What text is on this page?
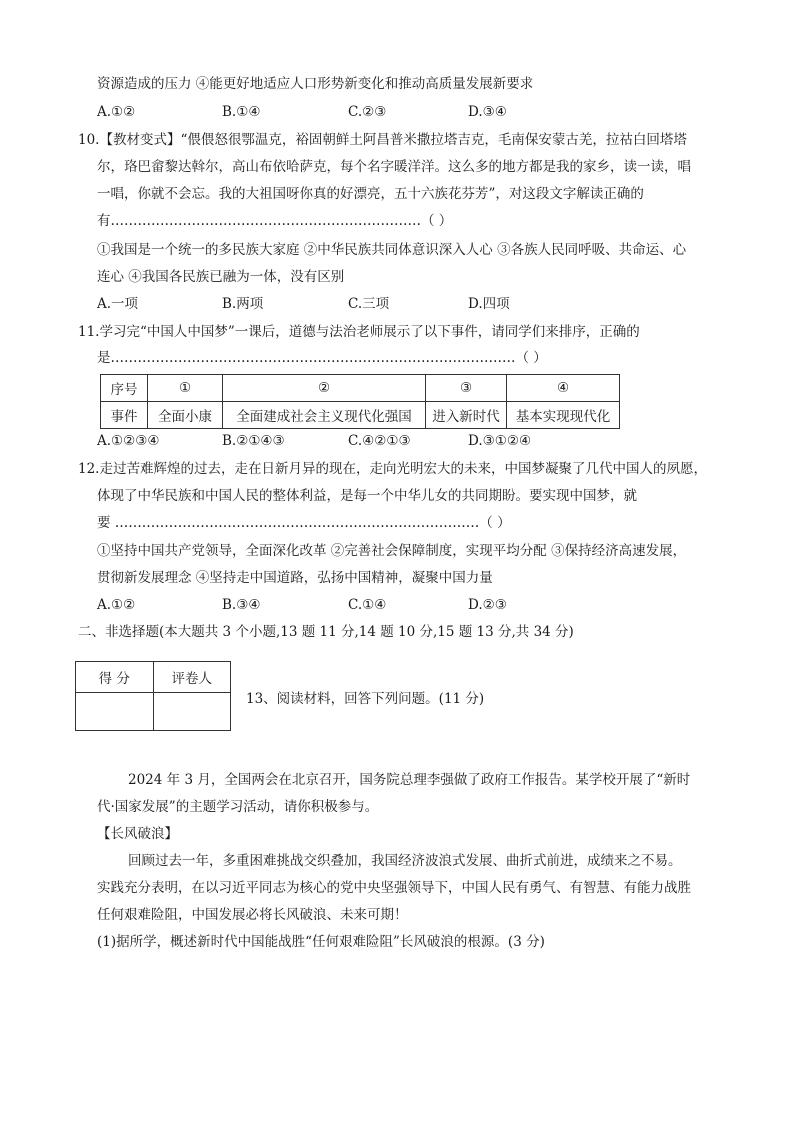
资源造成的压力 ④能更好地适应人口形势新变化和推动高质量发展新要求
A.①②	B.①④	C.②③	D.③④
10.【教材变式】“偎偎怒很鄂温克，裕固朝鲜土阿昌普米撒拉塔吉克，毛南保安蒙古羌，拉祜白回塔塔
尔，珞巴畲黎达斡尔，高山布依哈萨克，每个名字暖洋洋。这么多的地方都是我的家乡，读一读，唱
一唱，你就不会忘。我的大祖国呀你真的好漂亮，五十六族花芬芳”，对这段文字解读正确的
有……………………………………………………………（ ）
①我国是一个统一的多民族大家庭 ②中华民族共同体意识深入人心 ③各族人民同呼吸、共命运、心
连心 ④我国各民族已融为一体，没有区别
A.一项	B.两项	C.三项	D.四项
11.学习完“中国人中国梦”一课后，道德与法治老师展示了以下事件，请同学们来排序，正确的
是………………………………………………………………………………（ ）
序号	①	②	③	④
事件	全面小康	全面建成社会主义现代化强国	进入新时代	基本实现现代化
A.①②③④	B.②①④③	C.④②①③	D.③①②④
12.走过苦难辉煌的过去，走在日新月异的现在，走向光明宏大的未来，中国梦凝聚了几代中国人的夙愿，
体现了中华民族和中国人民的整体利益，是每一个中华儿女的共同期盼。要实现中国梦，就
要 ………………………………………………………………………（ ）
①坚持中国共产党领导，全面深化改革 ②完善社会保障制度，实现平均分配 ③保持经济高速发展，
贯彻新发展理念 ④坚持走中国道路，弘扬中国精神，凝聚中国力量
A.①②	B.③④	C.①④	D.②③
二、非选择题(本大题共 3 个小题,13 题 11 分,14 题 10 分,15 题 13 分,共 34 分)
得 分	评卷人

13、阅读材料，回答下列问题。(11 分)
2024 年 3 月，全国两会在北京召开，国务院总理李强做了政府工作报告。某学校开展了“新时
代·国家发展”的主题学习活动，请你积极参与。
【长风破浪】
回顾过去一年，多重困难挑战交织叠加，我国经济波浪式发展、曲折式前进，成绩来之不易。
实践充分表明，在以习近平同志为核心的党中央坚强领导下，中国人民有勇气、有智慧、有能力战胜
任何艰难险阻，中国发展必将长风破浪、未来可期！
(1)据所学，概述新时代中国能战胜“任何艰难险阻”长风破浪的根源。(3 分)
